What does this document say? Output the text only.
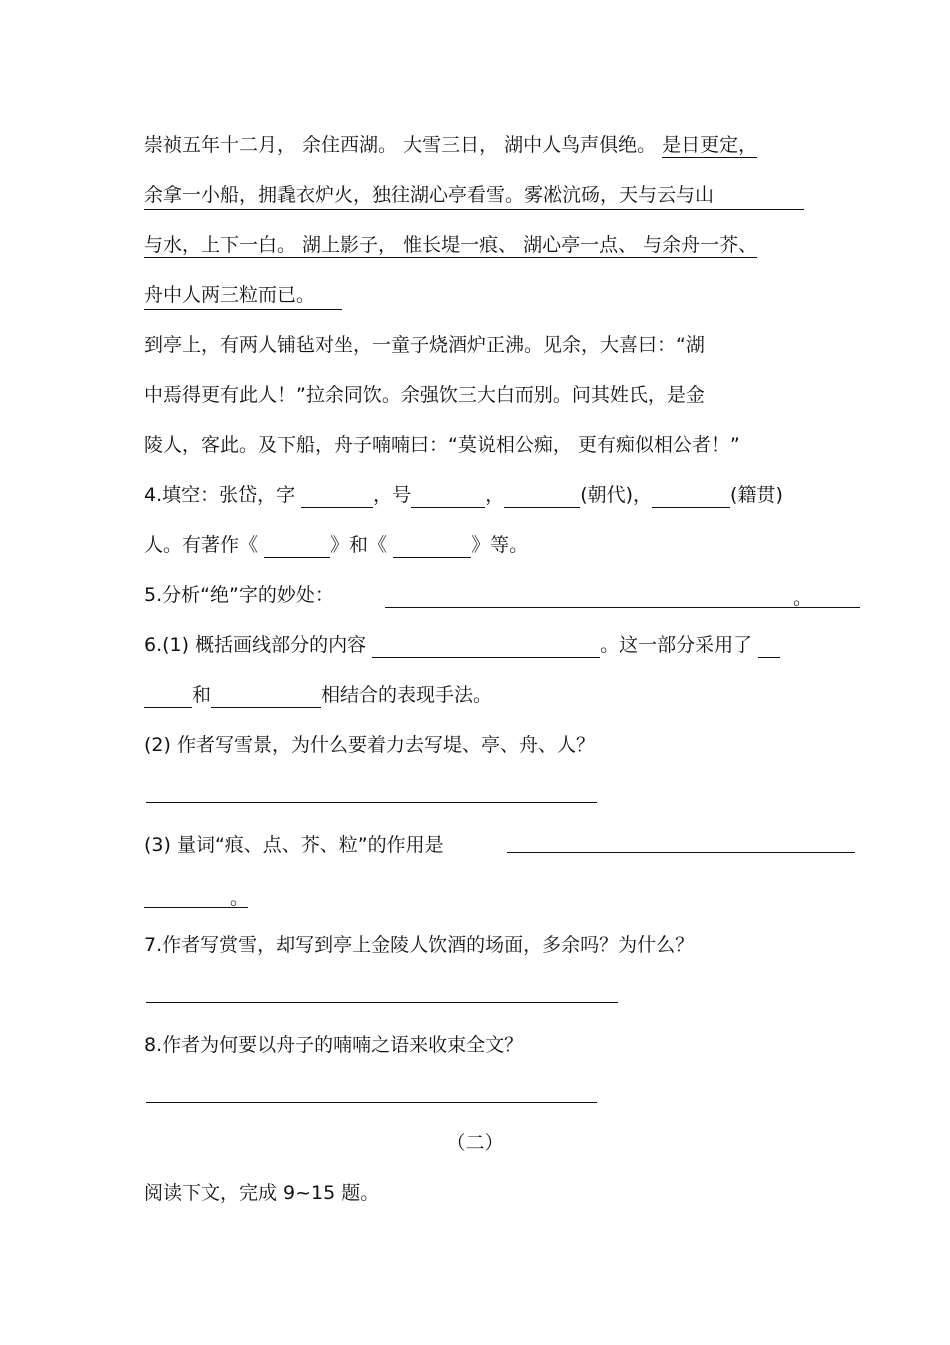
崇祯五年十二月， 余住西湖。 大雪三日， 湖中人鸟声俱绝。 是日更定，
余拿一小船，拥毳衣炉火，独往湖心亭看雪。雾凇沆砀，天与云与山
与水，上下一白。 湖上影子， 惟长堤一痕、 湖心亭一点、 与余舟一芥、
舟中人两三粒而已。
到亭上，有两人铺毡对坐，一童子烧酒炉正沸。见余，大喜曰：“湖
中焉得更有此人！”拉余同饮。余强饮三大白而别。问其姓氏，是金
陵人，客此。及下船，舟子喃喃曰：“莫说相公痴， 更有痴似相公者！”
4.填空：张岱，字	，号	，	(朝代)，	(籍贯)
人。有著作《	》和《	》等。
5.分析“绝”字的妙处：	。
6.(1) 概括画线部分的内容	。这一部分采用了
和	相结合的表现手法。
(2) 作者写雪景，为什么要着力去写堤、亭、舟、人？
(3) 量词“痕、点、芥、粒”的作用是
。
7.作者写赏雪，却写到亭上金陵人饮酒的场面，多余吗？为什么？
8.作者为何要以舟子的喃喃之语来收束全文？
（二）
阅读下文，完成 9~15 题。
